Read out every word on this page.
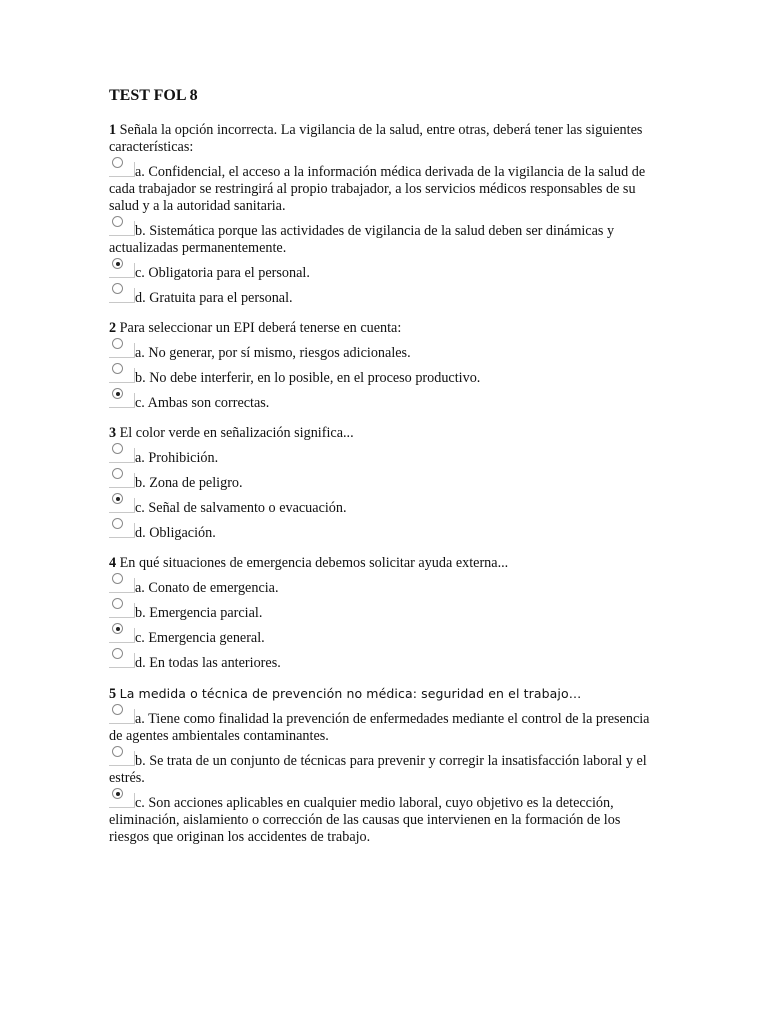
TEST FOL 8
1 Señala la opción incorrecta. La vigilancia de la salud, entre otras, deberá tener las siguientes características:
a. Confidencial, el acceso a la información médica derivada de la vigilancia de la salud de cada trabajador se restringirá al propio trabajador, a los servicios médicos responsables de su salud y a la autoridad sanitaria.
b. Sistemática porque las actividades de vigilancia de la salud deben ser dinámicas y actualizadas permanentemente.
c. Obligatoria para el personal.
d. Gratuita para el personal.
2 Para seleccionar un EPI deberá tenerse en cuenta:
a. No generar, por sí mismo, riesgos adicionales.
b. No debe interferir, en lo posible, en el proceso productivo.
c. Ambas son correctas.
3 El color verde en señalización significa...
a. Prohibición.
b. Zona de peligro.
c. Señal de salvamento o evacuación.
d. Obligación.
4 En qué situaciones de emergencia debemos solicitar ayuda externa...
a. Conato de emergencia.
b. Emergencia parcial.
c. Emergencia general.
d. En todas las anteriores.
5 La medida o técnica de prevención no médica: seguridad en el trabajo…
a. Tiene como finalidad la prevención de enfermedades mediante el control de la presencia de agentes ambientales contaminantes.
b. Se trata de un conjunto de técnicas para prevenir y corregir la insatisfacción laboral y el estrés.
c. Son acciones aplicables en cualquier medio laboral, cuyo objetivo es la detección, eliminación, aislamiento o corrección de las causas que intervienen en la formación de los riesgos que originan los accidentes de trabajo.
